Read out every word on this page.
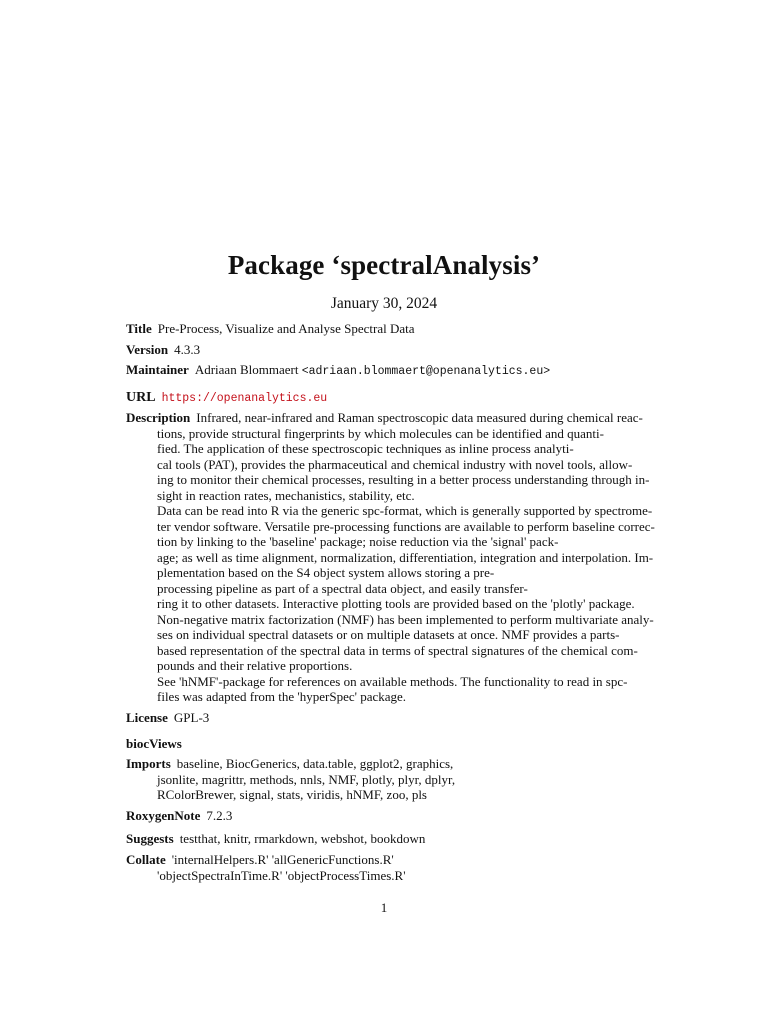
Package ‘spectralAnalysis’
January 30, 2024
Title Pre-Process, Visualize and Analyse Spectral Data
Version 4.3.3
Maintainer Adriaan Blommaert <adriaan.blommaert@openanalytics.eu>
URL https://openanalytics.eu
Description Infrared, near-infrared and Raman spectroscopic data measured during chemical reac-
tions, provide structural fingerprints by which molecules can be identified and quanti-
fied. The application of these spectroscopic techniques as inline process analyti-
cal tools (PAT), provides the pharmaceutical and chemical industry with novel tools, allow-
ing to monitor their chemical processes, resulting in a better process understanding through in-
sight in reaction rates, mechanistics, stability, etc.
Data can be read into R via the generic spc-format, which is generally supported by spectrome-
ter vendor software. Versatile pre-processing functions are available to perform baseline correc-
tion by linking to the 'baseline' package; noise reduction via the 'signal' pack-
age; as well as time alignment, normalization, differentiation, integration and interpolation. Im-
plementation based on the S4 object system allows storing a pre-
processing pipeline as part of a spectral data object, and easily transfer-
ring it to other datasets. Interactive plotting tools are provided based on the 'plotly' package.
Non-negative matrix factorization (NMF) has been implemented to perform multivariate analy-
ses on individual spectral datasets or on multiple datasets at once. NMF provides a parts-
based representation of the spectral data in terms of spectral signatures of the chemical com-
pounds and their relative proportions.
See 'hNMF'-package for references on available methods. The functionality to read in spc-
files was adapted from the 'hyperSpec' package.
License GPL-3
biocViews
Imports baseline, BiocGenerics, data.table, ggplot2, graphics,
jsonlite, magrittr, methods, nnls, NMF, plotly, plyr, dplyr,
RColorBrewer, signal, stats, viridis, hNMF, zoo, pls
RoxygenNote 7.2.3
Suggests testthat, knitr, rmarkdown, webshot, bookdown
Collate 'internalHelpers.R' 'allGenericFunctions.R'
'objectSpectraInTime.R' 'objectProcessTimes.R'
1
